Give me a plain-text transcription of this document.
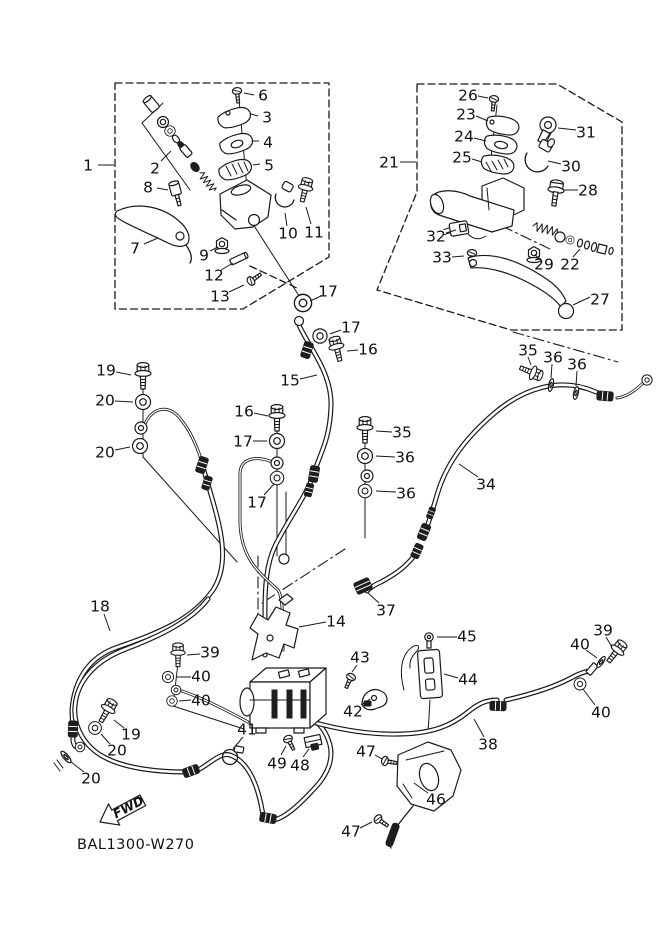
1	2
3
4
5
6
7
8
9
10 11
12
13	17
21
22
23
24
25
26
27
28
29
30
31
32
33
15
16
17
16
17
17
19
20
20
35
36
36
35 36 36
34
37
18
14
39
40
40
41
43
42
45
44
39
40
40
38
46
47
47
48
49
19
20
20
FWD
BAL1300-W270
